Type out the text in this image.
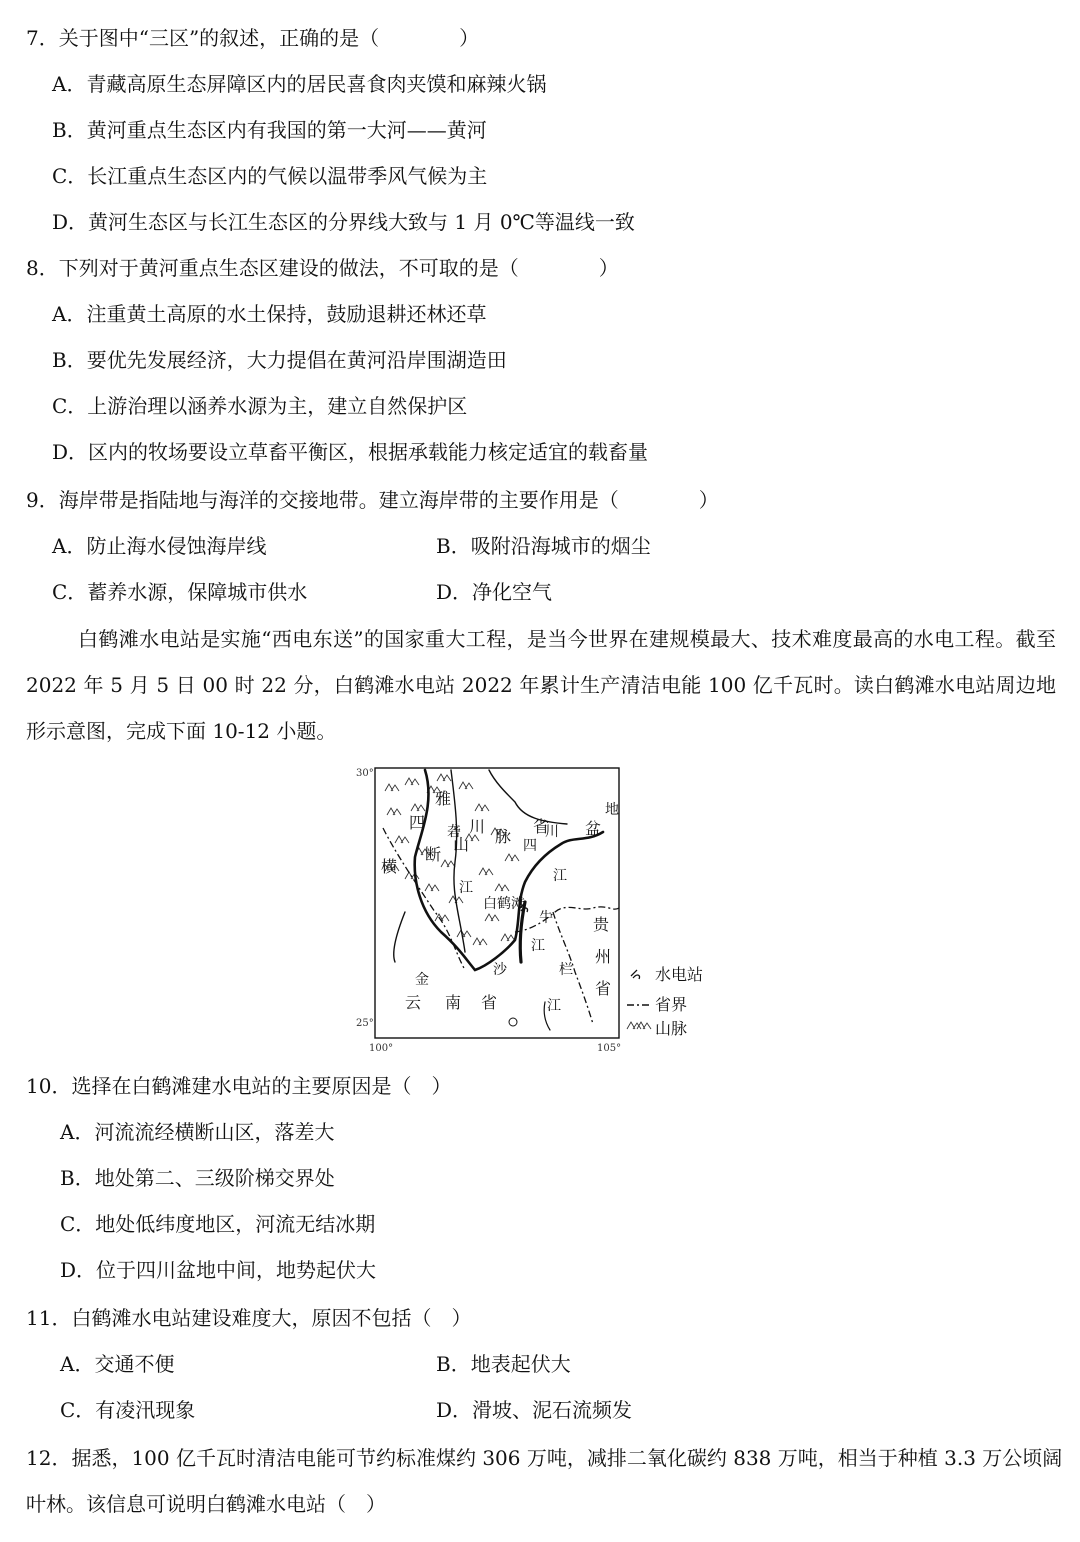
7．关于图中“三区”的叙述，正确的是（　　　　）
A．青藏高原生态屏障区内的居民喜食肉夹馍和麻辣火锅
B．黄河重点生态区内有我国的第一大河——黄河
C．长江重点生态区内的气候以温带季风气候为主
D．黄河生态区与长江生态区的分界线大致与 1 月 0℃等温线一致
8．下列对于黄河重点生态区建设的做法，不可取的是（　　　　）
A．注重黄土高原的水土保持，鼓励退耕还林还草
B．要优先发展经济，大力提倡在黄河沿岸围湖造田
C．上游治理以涵养水源为主，建立自然保护区
D．区内的牧场要设立草畜平衡区，根据承载能力核定适宜的载畜量
9．海岸带是指陆地与海洋的交接地带。建立海岸带的主要作用是（　　　　）
A．防止海水侵蚀海岸线	B．吸附沿海城市的烟尘
C．蓄养水源，保障城市供水	D．净化空气
白鹤滩水电站是实施“西电东送”的国家重大工程，是当今世界在建规模最大、技术难度最高的水电工程。截至 2022 年 5 月 5 日 00 时 22 分，白鹤滩水电站 2022 年累计生产清洁电能 100 亿千瓦时。读白鹤滩水电站周边地形示意图，完成下面 10-12 小题。
30°
25°
100°	105°
雅
四	川
脉
省
四
川 盆
地
横
断
山
砻
江
江
白鹤滩
牛
栏
江
贵
州
省
金
沙
江
云 南 省
水电站
省界
山脉
10．选择在白鹤滩建水电站的主要原因是（　）
A．河流流经横断山区，落差大
B．地处第二、三级阶梯交界处
C．地处低纬度地区，河流无结冰期
D．位于四川盆地中间，地势起伏大
11．白鹤滩水电站建设难度大，原因不包括（　）
A．交通不便	B．地表起伏大
C．有凌汛现象	D．滑坡、泥石流频发
12．据悉，100 亿千瓦时清洁电能可节约标准煤约 306 万吨，减排二氧化碳约 838 万吨，相当于种植 3.3 万公顷阔
叶林。该信息可说明白鹤滩水电站（　）
